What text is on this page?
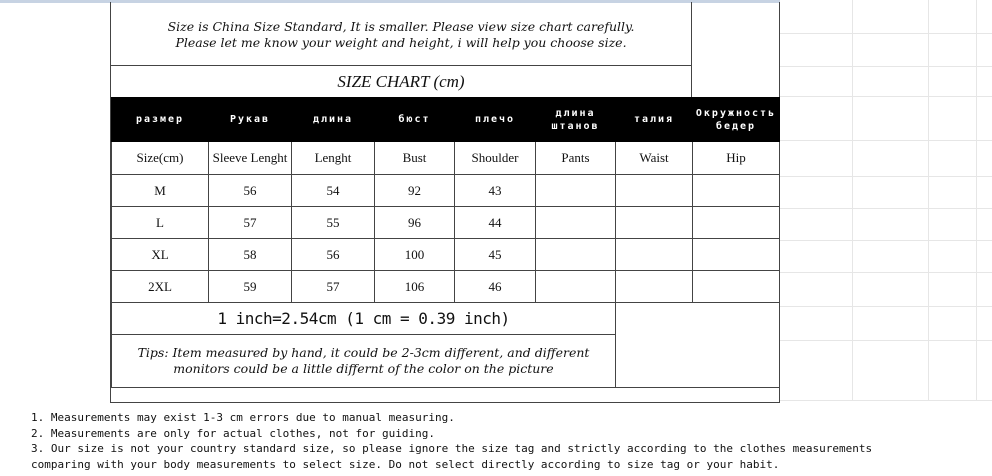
Size is China Size Standard, It is smaller. Please view size chart carefully.
Please let me know your weight and height, i will help you choose size.
SIZE CHART (cm)
размер	Рукав	длина	бюст	плечо	длина штанов	талия	Окружность бедер
Size(cm)	Sleeve Lenght	Lenght	Bust	Shoulder	Pants	Waist	Hip
M	56	54	92	43			
L	57	55	96	44			
XL	58	56	100	45			
2XL	59	57	106	46			
1 inch=2.54cm (1 cm = 0.39 inch)							

Tips: Item measured by hand, it could be 2-3cm different, and different
monitors could be a little differnt of the color on the picture							

1. Measurements may exist 1-3 cm errors due to manual measuring.
2. Measurements are only for actual clothes, not for guiding.
3. Our size is not your country standard size, so please ignore the size tag and strictly according to the clothes measurements
comparing with your body measurements to select size. Do not select directly according to size tag or your habit.
